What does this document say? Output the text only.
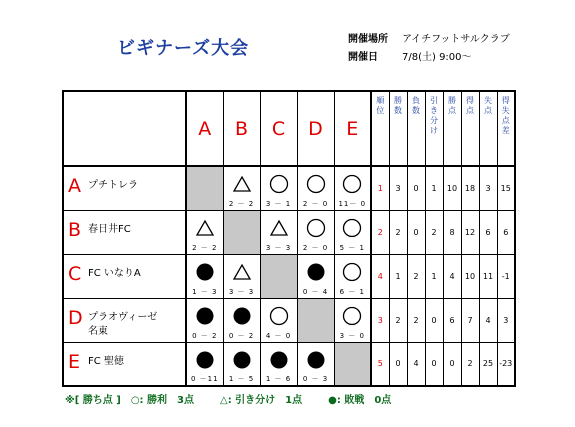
ビギナーズ大会	開催場所 アイチフットサルクラブ
開催日 7/8(土) 9:00～
	A	B	C	D	E	順位	勝数	負数	引き分け	勝点	得点	失点	得失点差

A プチトレラ		2 － 2	3 － 1	2 － 0	11－ 0	1	3	0	1	10	18	3	15

B 春日井FC	2 － 2		3 － 3	2 － 0	5 － 1	2	2	0	2	8	12	6	6

C FC いなりA	1 － 3	3 － 3		0 － 4	6 － 1	4	1	2	1	4	10	11	-1

D プラオヴィーゼ
名東	0 － 2	0 － 2	4 － 0		3 － 0	3	2	2	0	6	7	4	3

E FC 聖徳	0 －11	1 － 5	1 － 6	0 － 3		5	0	4	0	0	2	25	-23
※[ 勝ち点 ]　○: 勝利　3点	△: 引き分け　1点	●: 敗戦　0点
